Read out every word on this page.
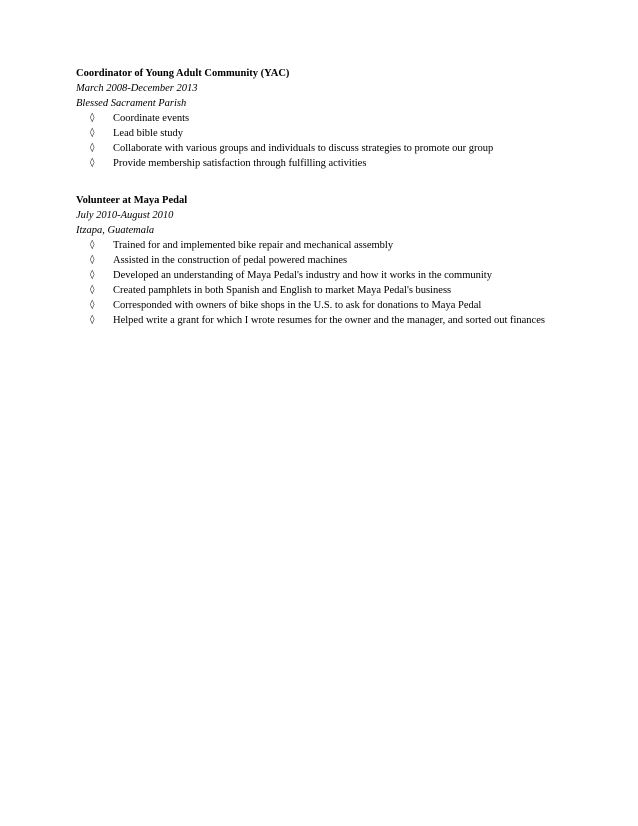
Coordinator of Young Adult Community (YAC)
March 2008-December 2013
Blessed Sacrament Parish
◊ Coordinate events
◊ Lead bible study
◊ Collaborate with various groups and individuals to discuss strategies to promote our group
◊ Provide membership satisfaction through fulfilling activities
Volunteer at Maya Pedal
July 2010-August 2010
Itzapa, Guatemala
◊ Trained for and implemented bike repair and mechanical assembly
◊ Assisted in the construction of pedal powered machines
◊ Developed an understanding of Maya Pedal's industry and how it works in the community
◊ Created pamphlets in both Spanish and English to market Maya Pedal's business
◊ Corresponded with owners of bike shops in the U.S. to ask for donations to Maya Pedal
◊ Helped write a grant for which I wrote resumes for the owner and the manager, and sorted out finances
